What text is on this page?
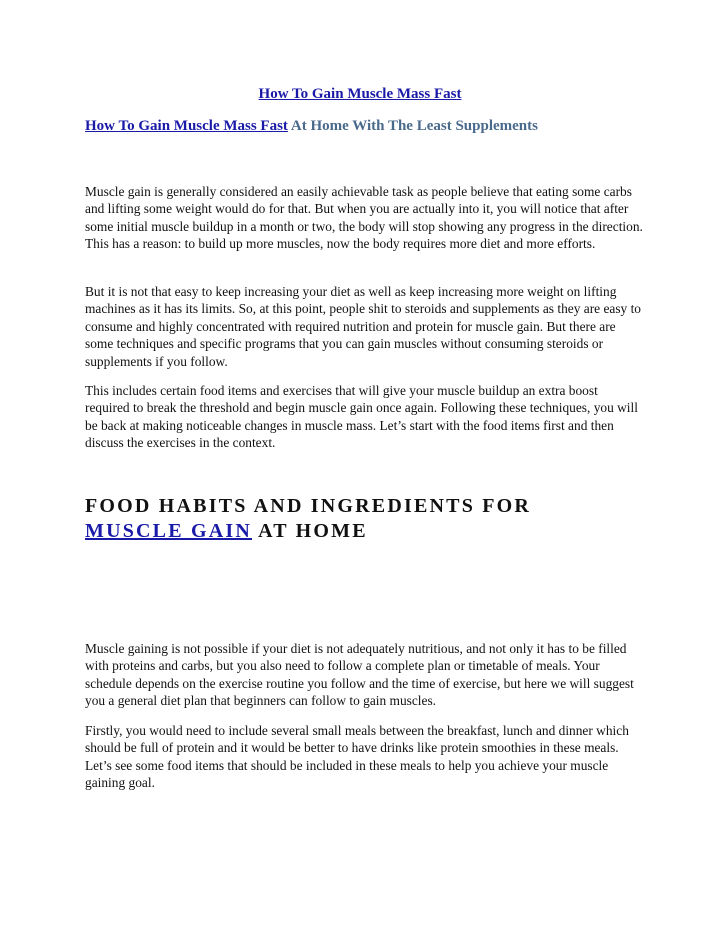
How To Gain Muscle Mass Fast
How To Gain Muscle Mass Fast At Home With The Least Supplements

Muscle gain is generally considered an easily achievable task as people believe that eating some carbs and lifting some weight would do for that. But when you are actually into it, you will notice that after some initial muscle buildup in a month or two, the body will stop showing any progress in the direction. This has a reason: to build up more muscles, now the body requires more diet and more efforts.

But it is not that easy to keep increasing your diet as well as keep increasing more weight on lifting machines as it has its limits. So, at this point, people shit to steroids and supplements as they are easy to consume and highly concentrated with required nutrition and protein for muscle gain. But there are some techniques and specific programs that you can gain muscles without consuming steroids or supplements if you follow.

This includes certain food items and exercises that will give your muscle buildup an extra boost required to break the threshold and begin muscle gain once again. Following these techniques, you will be back at making noticeable changes in muscle mass. Let’s start with the food items first and then discuss the exercises in the context.

FOOD HABITS AND INGREDIENTS FOR
MUSCLE GAIN AT HOME

Muscle gaining is not possible if your diet is not adequately nutritious, and not only it has to be filled with proteins and carbs, but you also need to follow a complete plan or timetable of meals. Your schedule depends on the exercise routine you follow and the time of exercise, but here we will suggest you a general diet plan that beginners can follow to gain muscles.

Firstly, you would need to include several small meals between the breakfast, lunch and dinner which should be full of protein and it would be better to have drinks like protein smoothies in these meals. Let’s see some food items that should be included in these meals to help you achieve your muscle gaining goal.
